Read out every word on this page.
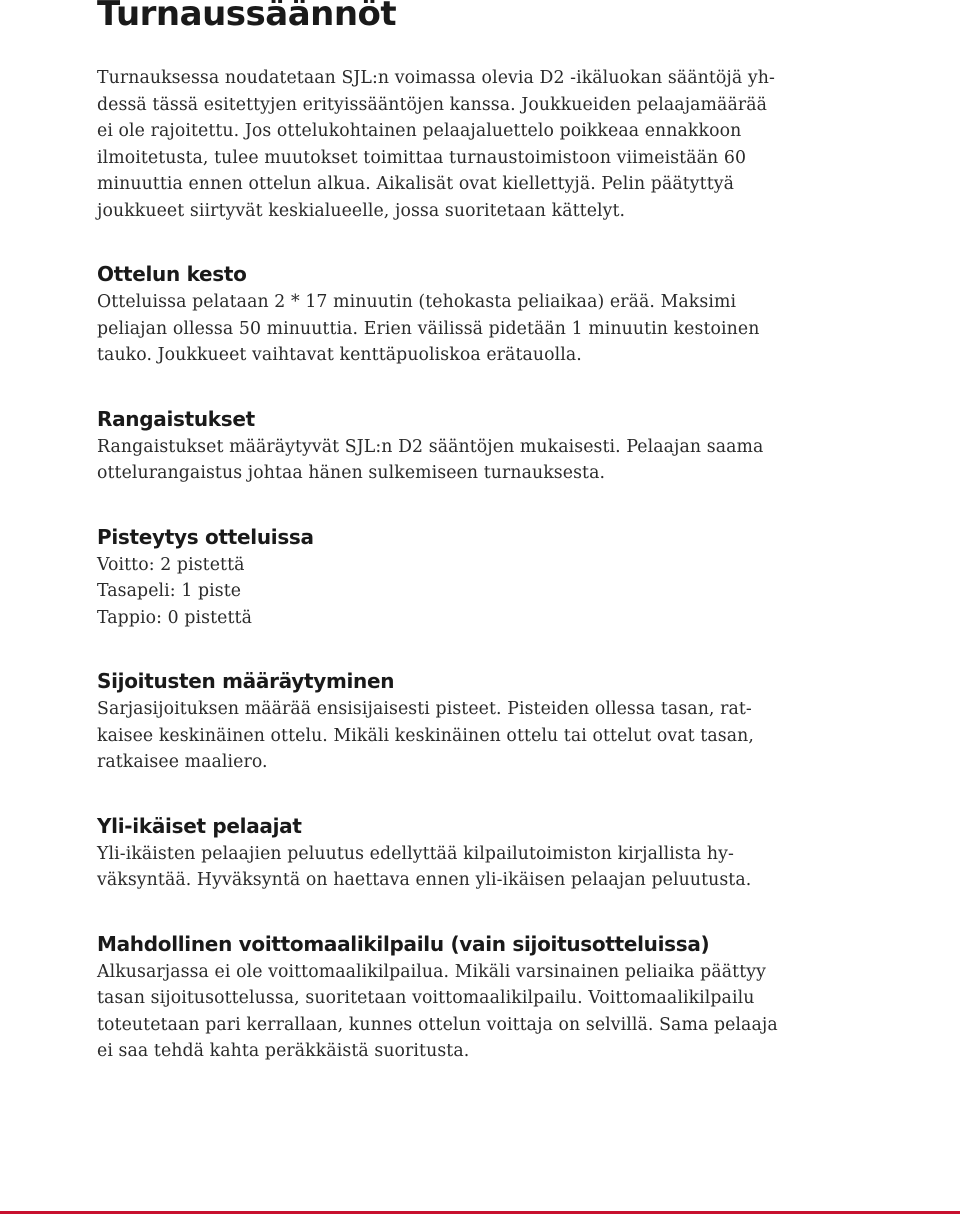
Turnaussäännöt

Turnauksessa noudatetaan SJL:n voimassa olevia D2 -ikäluokan sääntöjä yh-
dessä tässä esitettyjen erityissääntöjen kanssa. Joukkueiden pelaajamäärää
ei ole rajoitettu. Jos ottelukohtainen pelaajaluettelo poikkeaa ennakkoon
ilmoitetusta, tulee muutokset toimittaa turnaustoimistoon viimeistään 60
minuuttia ennen ottelun alkua. Aikalisät ovat kiellettyjä. Pelin päätyttyä
joukkueet siirtyvät keskialueelle, jossa suoritetaan kättelyt.

Ottelun kesto

Otteluissa pelataan 2 * 17 minuutin (tehokasta peliaikaa) erää. Maksimi
peliajan ollessa 50 minuuttia. Erien väilissä pidetään 1 minuutin kestoinen
tauko. Joukkueet vaihtavat kenttäpuoliskoa erätauolla.

Rangaistukset

Rangaistukset määräytyvät SJL:n D2 sääntöjen mukaisesti. Pelaajan saama
ottelurangaistus johtaa hänen sulkemiseen turnauksesta.

Pisteytys otteluissa

Voitto: 2 pistettä
Tasapeli: 1 piste
Tappio: 0 pistettä

Sijoitusten määräytyminen

Sarjasijoituksen määrää ensisijaisesti pisteet. Pisteiden ollessa tasan, rat-
kaisee keskinäinen ottelu. Mikäli keskinäinen ottelu tai ottelut ovat tasan,
ratkaisee maaliero.

Yli-ikäiset pelaajat

Yli-ikäisten pelaajien peluutus edellyttää kilpailutoimiston kirjallista hy-
väksyntää. Hyväksyntä on haettava ennen yli-ikäisen pelaajan peluutusta.

Mahdollinen voittomaalikilpailu (vain sijoitusotteluissa)

Alkusarjassa ei ole voittomaalikilpailua. Mikäli varsinainen peliaika päättyy
tasan sijoitusottelussa, suoritetaan voittomaalikilpailu. Voittomaalikilpailu
toteutetaan pari kerrallaan, kunnes ottelun voittaja on selvillä. Sama pelaaja
ei saa tehdä kahta peräkkäistä suoritusta.
